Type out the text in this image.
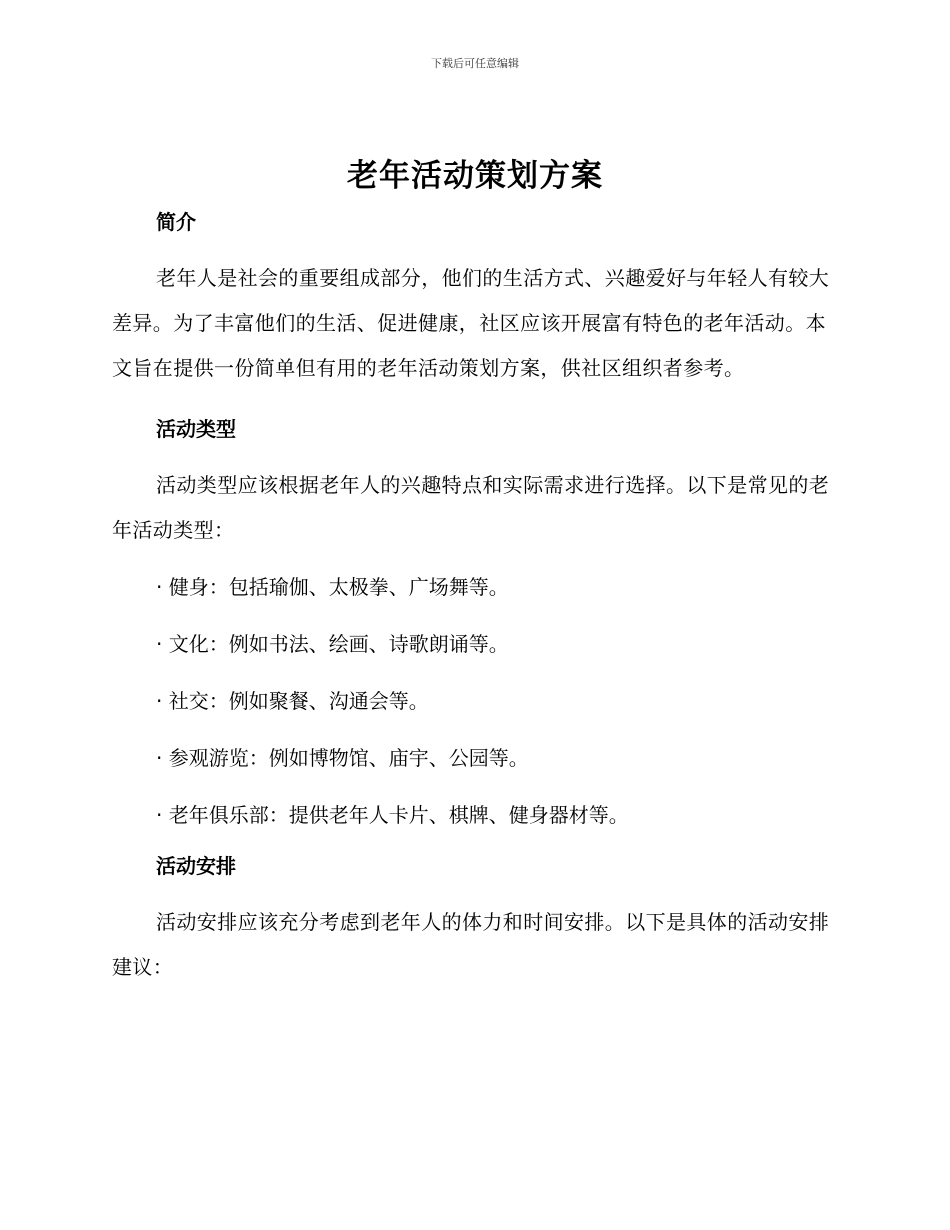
下载后可任意编辑
老年活动策划方案

简介

老年人是社会的重要组成部分，他们的生活方式、兴趣爱好与年轻人有较大差异。为了丰富他们的生活、促进健康，社区应该开展富有特色的老年活动。本文旨在提供一份简单但有用的老年活动策划方案，供社区组织者参考。

活动类型

活动类型应该根据老年人的兴趣特点和实际需求进行选择。以下是常见的老年活动类型：

· 健身：包括瑜伽、太极拳、广场舞等。

· 文化：例如书法、绘画、诗歌朗诵等。

· 社交：例如聚餐、沟通会等。

· 参观游览：例如博物馆、庙宇、公园等。

· 老年俱乐部：提供老年人卡片、棋牌、健身器材等。

活动安排

活动安排应该充分考虑到老年人的体力和时间安排。以下是具体的活动安排建议：
